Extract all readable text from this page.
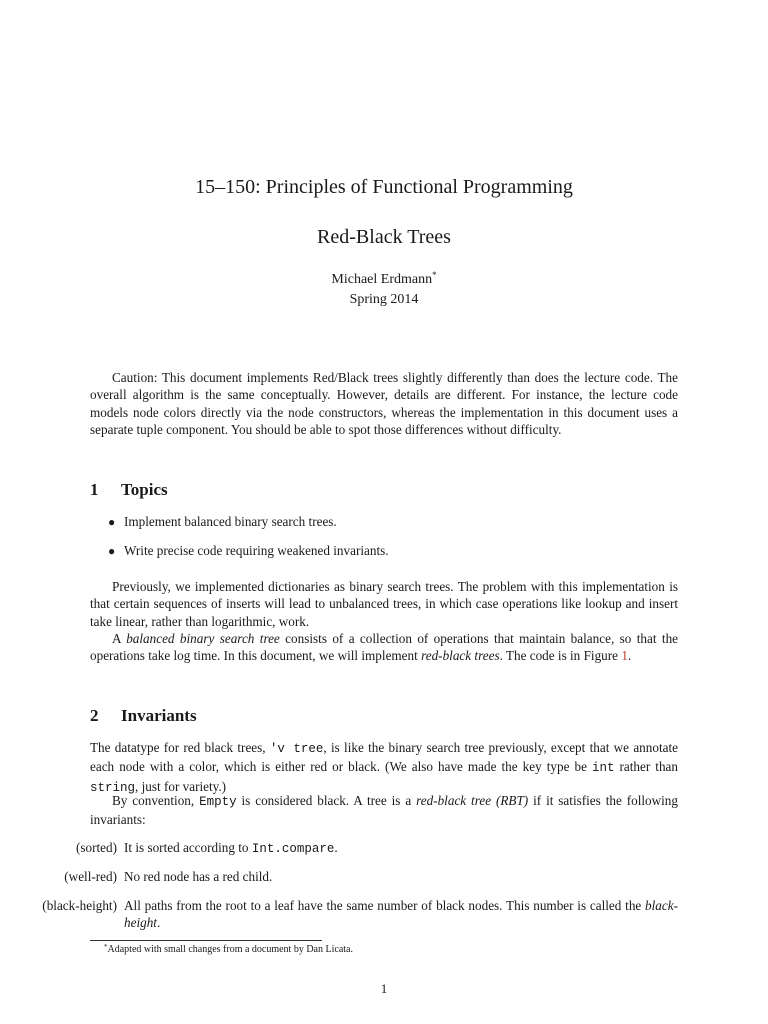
15–150: Principles of Functional Programming
Red-Black Trees
Michael Erdmann*
Spring 2014
Caution: This document implements Red/Black trees slightly differently than does the lecture code. The overall algorithm is the same conceptually. However, details are different. For instance, the lecture code models node colors directly via the node constructors, whereas the implementation in this document uses a separate tuple component. You should be able to spot those differences without difficulty.
1 Topics
● Implement balanced binary search trees.
● Write precise code requiring weakened invariants.
Previously, we implemented dictionaries as binary search trees. The problem with this implementation is that certain sequences of inserts will lead to unbalanced trees, in which case operations like lookup and insert take linear, rather than logarithmic, work.
A balanced binary search tree consists of a collection of operations that maintain balance, so that the operations take log time. In this document, we will implement red-black trees. The code is in Figure 1.
2 Invariants
The datatype for red black trees, 'v tree, is like the binary search tree previously, except that we annotate each node with a color, which is either red or black. (We also have made the key type be int rather than string, just for variety.)
By convention, Empty is considered black. A tree is a red-black tree (RBT) if it satisfies the following invariants:
(sorted) It is sorted according to Int.compare.
(well-red) No red node has a red child.
(black-height) All paths from the root to a leaf have the same number of black nodes. This number is called the black-height.
*Adapted with small changes from a document by Dan Licata.
1
